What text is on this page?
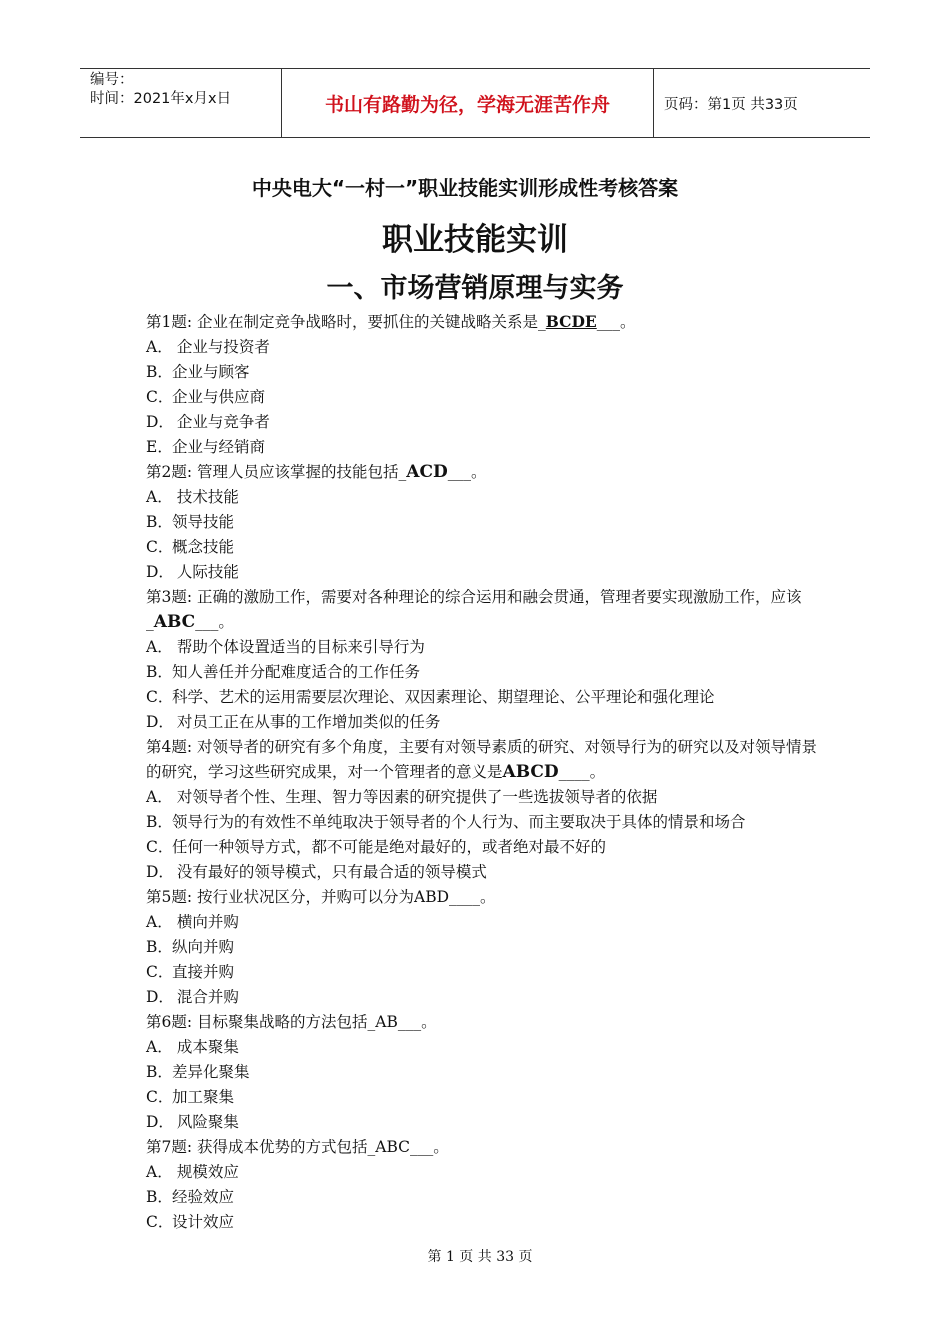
编号：
时间：2021年x月x日	书山有路勤为径，学海无涯苦作舟	页码：第1页 共33页
中央电大“一村一”职业技能实训形成性考核答案
职业技能实训
一、市场营销原理与实务
第1题: 企业在制定竞争战略时，要抓住的关键战略关系是_BCDE___。
A． 企业与投资者
B．企业与顾客
C．企业与供应商
D． 企业与竞争者
E．企业与经销商
第2题: 管理人员应该掌握的技能包括_ACD___。
A． 技术技能
B．领导技能
C．概念技能
D． 人际技能
第3题: 正确的激励工作，需要对各种理论的综合运用和融会贯通，管理者要实现激励工作，应该_ABC___。
A． 帮助个体设置适当的目标来引导行为
B．知人善任并分配难度适合的工作任务
C．科学、艺术的运用需要层次理论、双因素理论、期望理论、公平理论和强化理论
D． 对员工正在从事的工作增加类似的任务
第4题: 对领导者的研究有多个角度，主要有对领导素质的研究、对领导行为的研究以及对领导情景的研究，学习这些研究成果，对一个管理者的意义是ABCD____。
A． 对领导者个性、生理、智力等因素的研究提供了一些选拔领导者的依据
B．领导行为的有效性不单纯取决于领导者的个人行为、而主要取决于具体的情景和场合
C．任何一种领导方式，都不可能是绝对最好的，或者绝对最不好的
D． 没有最好的领导模式，只有最合适的领导模式
第5题: 按行业状况区分，并购可以分为ABD____。
A． 横向并购
B．纵向并购
C．直接并购
D． 混合并购
第6题: 目标聚集战略的方法包括_AB___。
A． 成本聚集
B．差异化聚集
C．加工聚集
D． 风险聚集
第7题: 获得成本优势的方式包括_ABC___。
A． 规模效应
B．经验效应
C．设计效应
第 1 页 共 33 页
